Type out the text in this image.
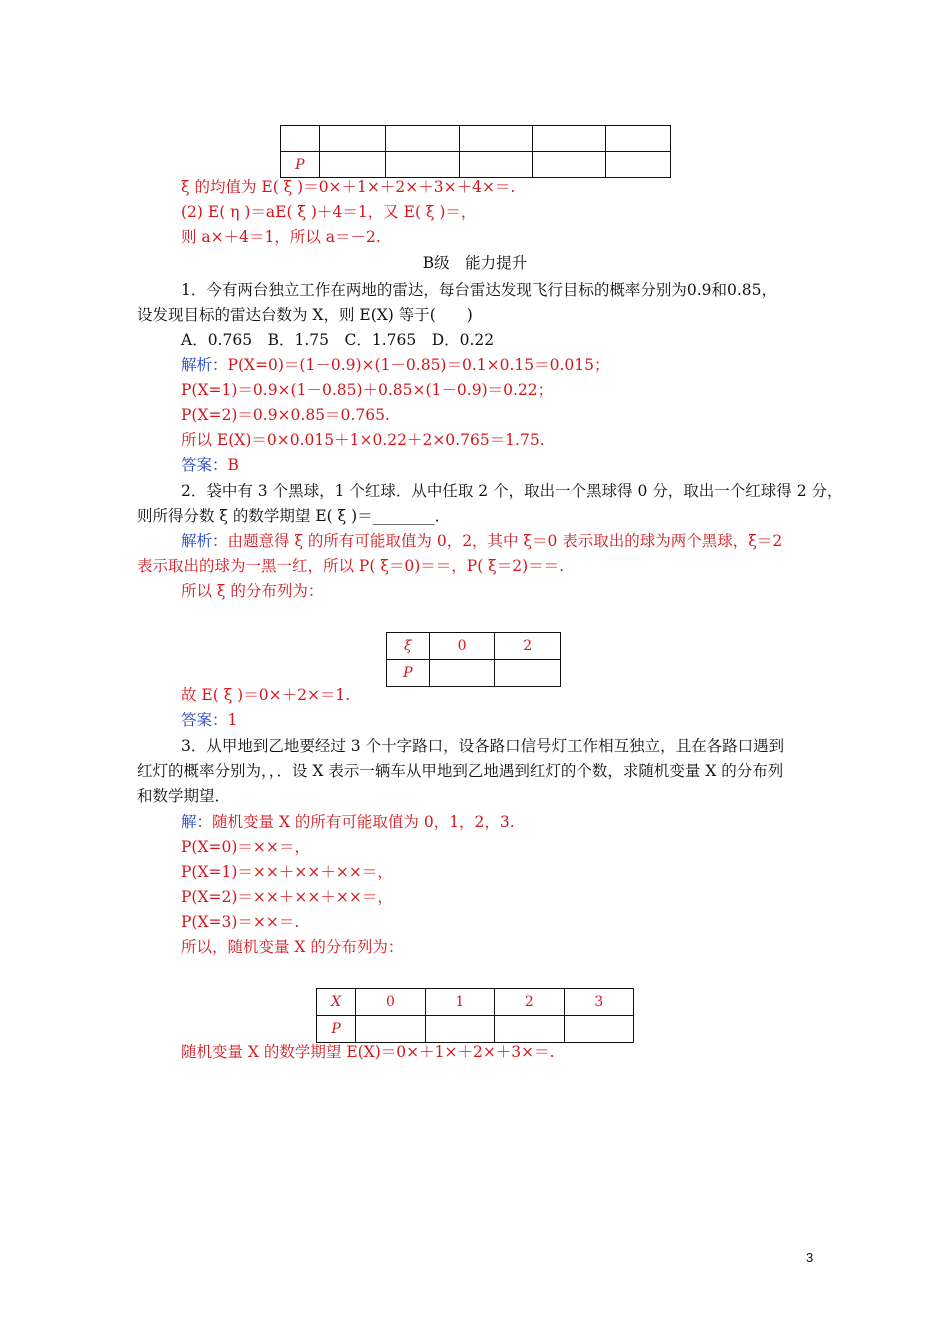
P					
ξ 的均值为 E( ξ )＝0×＋1×＋2×＋3×＋4×＝.
(2) E( η )＝aE( ξ )＋4＝1，又 E( ξ )＝，
则 a×＋4＝1，所以 a＝－2.
B级　能力提升
1．今有两台独立工作在两地的雷达，每台雷达发现飞行目标的概率分别为0.9和0.85，
设发现目标的雷达台数为 X，则 E(X) 等于(　　)
A．0.765　B．1.75　C．1.765　D．0.22
解析：P(X=0)＝(1－0.9)×(1－0.85)＝0.1×0.15＝0.015；
P(X=1)＝0.9×(1－0.85)＋0.85×(1－0.9)＝0.22；
P(X=2)＝0.9×0.85＝0.765.
所以 E(X)＝0×0.015＋1×0.22＋2×0.765＝1.75.
答案：B
2．袋中有 3 个黑球，1 个红球．从中任取 2 个，取出一个黑球得 0 分，取出一个红球得 2 分，
则所得分数 ξ 的数学期望 E( ξ )＝________．
解析：由题意得 ξ 的所有可能取值为 0，2，其中 ξ＝0 表示取出的球为两个黑球，ξ＝2
表示取出的球为一黑一红，所以 P( ξ＝0)＝＝，P( ξ＝2)＝＝.
所以 ξ 的分布列为：
ξ	0	2
P		
故 E( ξ )＝0×＋2×＝1.
答案：1
3．从甲地到乙地要经过 3 个十字路口，设各路口信号灯工作相互独立，且在各路口遇到
红灯的概率分别为，，．设 X 表示一辆车从甲地到乙地遇到红灯的个数，求随机变量 X 的分布列
和数学期望．
解：随机变量 X 的所有可能取值为 0，1，2，3.
P(X=0)＝××＝，
P(X=1)＝××＋××＋××＝，
P(X=2)＝××＋××＋××＝，
P(X=3)＝××＝.
所以，随机变量 X 的分布列为：
X	0	1	2	3
P				
随机变量 X 的数学期望 E(X)＝0×＋1×＋2×＋3×＝.
3
